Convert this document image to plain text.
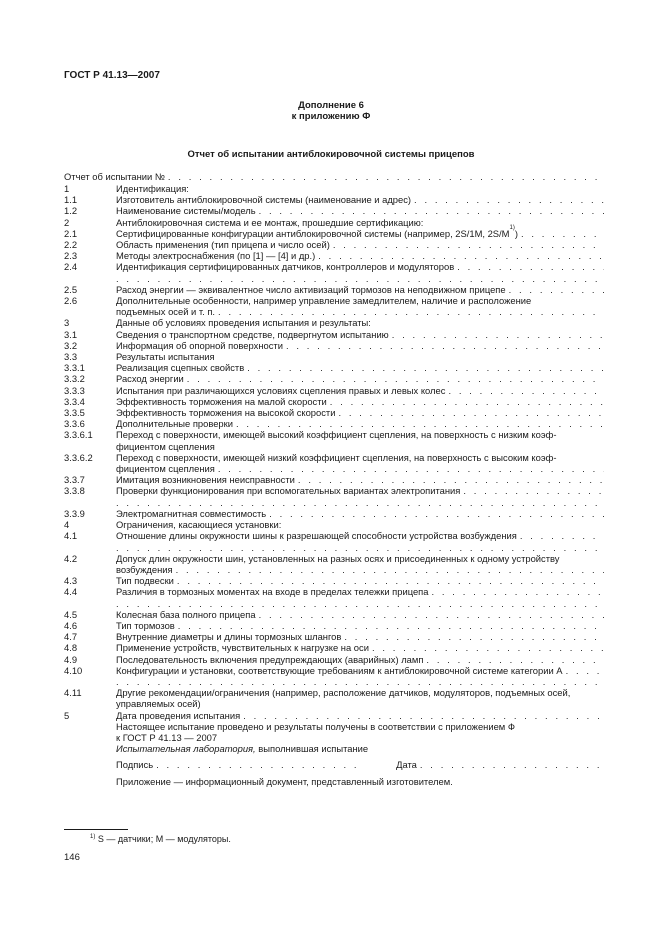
ГОСТ Р 41.13—2007
Дополнение 6
к приложению Ф
Отчет об испытании антиблокировочной системы прицепов
Отчет об испытании №
. . .
1	Идентификация:
1.1	Изготовитель антиблокировочной системы (наименование и адрес)
. . .
1.2	Наименование системы/модель
. . .
2	Антиблокировочная система и ее монтаж, прошедшие сертификацию:
2.1	Сертифицированные конфигурации антиблокировочной системы (например, 2S/1M, 2S/M 1) )
. . .
2.2	Область применения (тип прицепа и число осей)
. . .
2.3	Методы электроснабжения (по [1] — [4] и др.)
. . .
2.4	Идентификация сертифицированных датчиков, контроллеров и модуляторов
. . .
. . .
2.5	Расход энергии — эквивалентное число активизаций тормозов на неподвижном прицепе
. . .
2.6	Дополнительные особенности, например управление замедлителем, наличие и расположение
подъемных осей и т. п.
. . .
3	Данные об условиях проведения испытания и результаты:
3.1	Сведения о транспортном средстве, подвергнутом испытанию
. . .
3.2	Информация об опорной поверхности
. . .
3.3	Результаты испытания
3.3.1	Реализация сцепных свойств
. . .
3.3.2	Расход энергии
. . .
3.3.3	Испытания при различающихся условиях сцепления правых и левых колес
. . .
3.3.4	Эффективность торможения на малой скорости
. . .
3.3.5	Эффективность торможения на высокой скорости
. . .
3.3.6	Дополнительные проверки
. . .
3.3.6.1	Переход с поверхности, имеющей высокий коэффициент сцепления, на поверхность с низким коэф-
фициентом сцепления
3.3.6.2	Переход с поверхности, имеющей низкий коэффициент сцепления, на поверхность с высоким коэф-
фициентом сцепления
. . .
3.3.7	Имитация возникновения неисправности
. . .
3.3.8	Проверки функционирования при вспомогательных вариантах электропитания
. . .
. . .
3.3.9	Электромагнитная совместимость
. . .
4	Ограничения, касающиеся установки:
4.1	Отношение длины окружности шины к разрешающей способности устройства возбуждения
. . .
. . .
4.2	Допуск длин окружности шин, установленных на разных осях и присоединенных к одному устройству
возбуждения
. . .
4.3	Тип подвески
. . .
4.4	Различия в тормозных моментах на входе в пределах тележки прицепа
. . .
. . .
4.5	Колесная база полного прицепа
. . .
4.6	Тип тормозов
. . .
4.7	Внутренние диаметры и длины тормозных шлангов
. . .
4.8	Применение устройств, чувствительных к нагрузке на оси
. . .
4.9	Последовательность включения предупреждающих (аварийных) ламп
. . .
4.10	Конфигурации и установки, соответствующие требованиям к антиблокировочной системе категории А
. . .
. . .
4.11	Другие рекомендации/ограничения (например, расположение датчиков, модуляторов, подъемных осей,
управляемых осей)
5	Дата проведения испытания
. . .
Настоящее испытание проведено и результаты получены в соответствии с приложением Ф
к ГОСТ Р 41.13 — 2007
Испытательная лаборатория, выполнившая испытание
Подпись
. . .	Дата
. . .
Приложение — информационный документ, представленный изготовителем.
$^{1)}$ S — датчики; M — модуляторы.
146
